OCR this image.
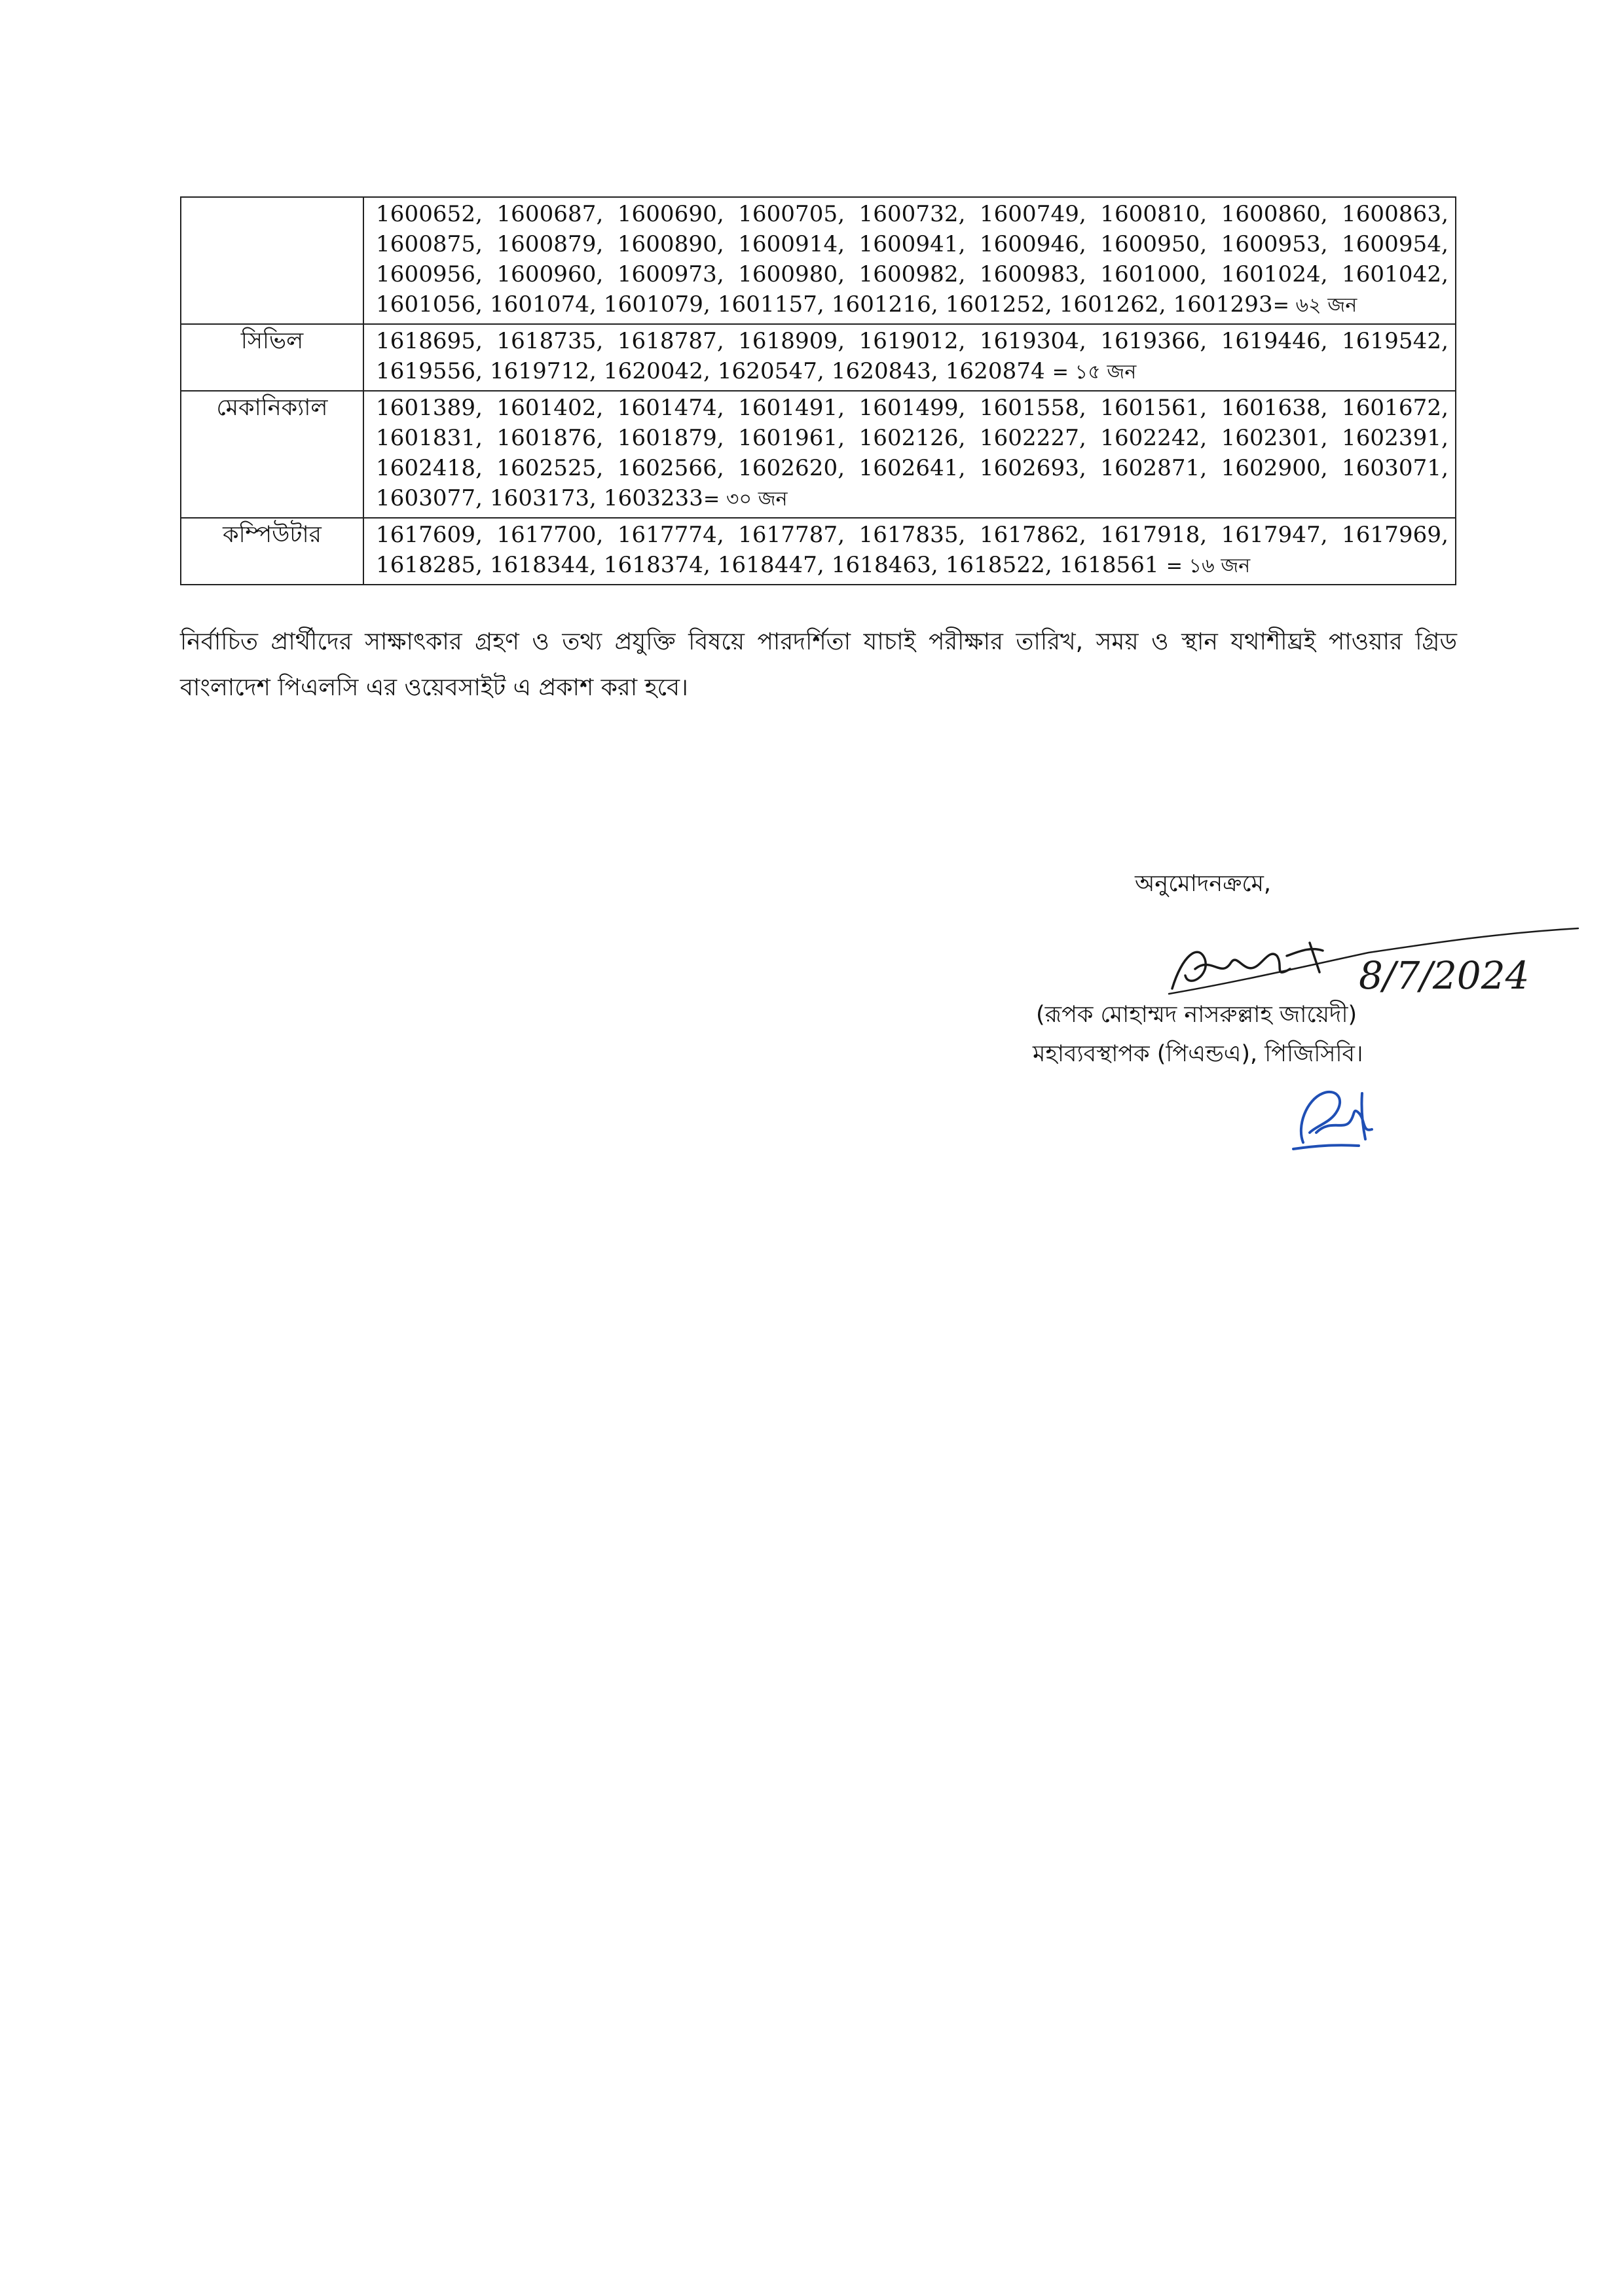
	1600652, 1600687, 1600690, 1600705, 1600732, 1600749, 1600810, 1600860, 1600863, 1600875, 1600879, 1600890, 1600914, 1600941, 1600946, 1600950, 1600953, 1600954, 1600956, 1600960, 1600973, 1600980, 1600982, 1600983, 1601000, 1601024, 1601042, 1601056, 1601074, 1601079, 1601157, 1601216, 1601252, 1601262, 1601293= ৬২ জন
সিভিল	1618695, 1618735, 1618787, 1618909, 1619012, 1619304, 1619366, 1619446, 1619542, 1619556, 1619712, 1620042, 1620547, 1620843, 1620874 = ১৫ জন
মেকানিক্যাল	1601389, 1601402, 1601474, 1601491, 1601499, 1601558, 1601561, 1601638, 1601672, 1601831, 1601876, 1601879, 1601961, 1602126, 1602227, 1602242, 1602301, 1602391, 1602418, 1602525, 1602566, 1602620, 1602641, 1602693, 1602871, 1602900, 1603071, 1603077, 1603173, 1603233= ৩০ জন
কম্পিউটার	1617609, 1617700, 1617774, 1617787, 1617835, 1617862, 1617918, 1617947, 1617969, 1618285, 1618344, 1618374, 1618447, 1618463, 1618522, 1618561 = ১৬ জন

নির্বাচিত প্রার্থীদের সাক্ষাৎকার গ্রহণ ও তথ্য প্রযুক্তি বিষয়ে পারদর্শিতা যাচাই পরীক্ষার তারিখ, সময় ও স্থান যথাশীঘ্রই পাওয়ার গ্রিড বাংলাদেশ পিএলসি এর ওয়েবসাইট এ প্রকাশ করা হবে।

অনুমোদনক্রমে,
8/7/2024
(রূপক মোহাম্মদ নাসরুল্লাহ জায়েদী)
মহাব্যবস্থাপক (পিএন্ডএ), পিজিসিবি।
